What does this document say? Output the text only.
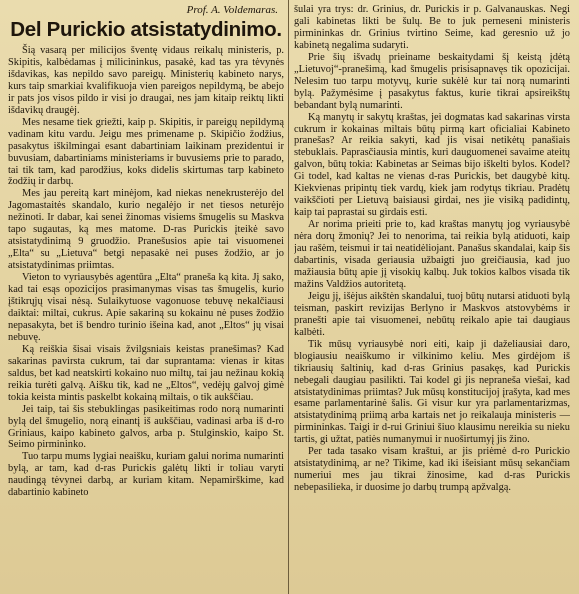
Prof. A. Voldemaras.
Del Purickio atsistatydinimo.

Šią vasarą per milicijos šventę vidaus reikalų ministeris, p. Skipitis, kalbėdamas į milicininkus, pasakė, kad tas yra tėvynės išdavikas, kas nepildo savo pareigų. Ministerių kabineto narys, kurs taip smarkiai kvalifikuoja vien pareigos nepildymą, be abejo ir pats jos visos pildo ir visi jo draugai, nes jam kitaip reiktų likti išdavikų draugėj.

Mes nesame tiek griežti, kaip p. Skipitis, ir pareigų nepildymą vadinam kitu vardu. Jeigu mes primename p. Skipičio žodžius, pasakytus iškilmingai esant dabartiniam laikinam prezidentui ir buvusiam, dabartiniams ministeriams ir buvusiems prie to parado, tai tik tam, kad parodžius, koks didelis skirtumas tarp kabineto žodžių ir darbų.

Mes jau pereitą kart minėjom, kad niekas nenekrusterėjo del Jagomastaitės skandalo, kurio negalėjo ir net tiesos neturėjo nežinoti. Ir dabar, kai senei žinomas visiems šmugelis su Maskva tapo sugautas, ką mes matome. D-ras Purickis įteikė savo atsistatydinimą 9 gruodžio. Pranešusios apie tai visuomenei „Elta“ su „Lietuva“ betgi nepasakė nei puses žodžio, ar jo atsistatydinimas priimtas.

Vieton to vyriausybės agentūra „Elta“ praneša ką kita. Jį sako, kad tai esąs opozicijos prasimanymas visas tas šmugelis, kurio įštikrųjų visai nėsą. Sulaikytuose vagonuose tebuvę nekalčiausi daiktai: miltai, cukrus. Apie sakariną su kokainu nė puses žodžio nepasakyta, bet iš bendro turinio išeina kad, anot „Eltos“ jų visai nebuvę.

Ką reiškia šisai visais žvilgsniais keistas pranešimas? Kad sakarinas pavirsta cukrum, tai dar suprantama: vienas ir kitas saldus, bet kad neatskirti kokaino nuo miltų, tai jau nežinau kokią reikia turėti galvą. Aišku tik, kad ne „Eltos“, vedėjų galvoj gimė tokia keista mintis paskelbt kokainą miltais, o tik aukščiau.

Jei taip, tai šis stebuklingas pasikeitimas rodo norą numarinti bylą del šmugelio, norą einantį iš aukščiau, vadinasi arba iš d-ro Griniaus, kaipo kabineto galvos, arba p. Stulginskio, kaipo St. Seimo pirmininko.

Tuo tarpu mums lygiai neaišku, kuriam galui norima numarinti bylą, ar tam, kad d-ras Purickis galėtų likti ir toliau varyti naudingą tėvynei darbą, ar kuriam kitam. Nepamirškime, kad dabartinio kabineto

šulai yra trys: dr. Grinius, dr. Purickis ir p. Galvanauskas. Negi gali kabinetas likti be šulų. Be to juk perneseni ministeris pirmininkas dr. Grinius tvirtino Seime, kad geresnio už jo kabinetą negalima sudaryti.

Prie šių išvadų prieiname beskaitydami šį keistą įdėtą „Lietuvoj“-pranešimą, kad šmugelis prisisapnavęs tik opozicijai. Nelesim tuo tarpu motyvų, kurie sukėlė kur tai norą numarinti bylą. Pažymėsime į pasakytus faktus, kurie tikrai apsireikštų bebandant bylą numarinti.

Ką manytų ir sakytų kraštas, jei dogmatas kad sakarinas virsta cukrum ir kokainas miltais būtų pirmą kart oficialiai Kabineto pranešas? Ar reikia sakyti, kad jis visai netikėtų panašiais stebuklais. Paprasčiausia mintis, kuri dauguomenei savaime ateitų galvon, būtų tokia: Kabinetas ar Seimas bijo iškelti bylos. Kodel? Gi todel, kad kaltas ne vienas d-ras Purickis, bet daugybė kitų. Kiekvienas pripintų tiek vardų, kiek jam rodytųs tikriau. Pradėtų vaikščioti per Lietuvą baisiausi girdai, nes jie visiką padidintų, kaip tai paprastai su girdais esti.

Ar norima prieiti prie to, kad kraštas manytų jog vyriausybė nėra dorų žmonių? Jei to nenorima, tai reikia bylą atiduoti, kaip jau rašėm, teismui ir tai neatidėliojant. Panašus skandalai, kaip šis dabartinis, visada geriausia užbaigti juo greičiausia, kad juo mažiausia būtų apie jį visokių kalbų. Juk tokios kalbos visada tik mažins Valdžios autoritetą.

Jeigu jį, išėjus aikštėn skandalui, tuoj būtų nutarsi atiduoti bylą teisman, paskirt revizijas Berlyno ir Maskvos atstovybėms ir pranešti apie tai visuomenei, nebūtų reikalo apie tai daugiaus kalbėti.

Tik mūsų vyriausybė nori eiti, kaip ji daželiausiai daro, blogiausiu neaiškumo ir vilkinimo keliu. Mes girdėjom iš tikriausių šaltinių, kad d-ras Grinius pasakęs, kad Purickis nebegali daugiau pasilikti. Tai kodel gi jis nepraneša viešai, kad atsistatydinimas priimtas? Juk mūsų konstitucijoj įrašyta, kad mes esame parlamentarinė šalis. Gi visur kur yra parlamentarizmas, atsistatydinimą priimą arba kartais net jo reikalauja ministeris — pirmininkas. Taigi ir d-rui Griniui šiuo klausimu nereikia su nieku tartis, gi užtat, patiės numanymui ir nuoširtumyį jis žino.

Per tada tasako visam kraštui, ar jis priėmė d-ro Purickio atsistatydinimą, ar ne? Tikime, kad iki išeisiant mūsų sekančiam numeriui mes jau tikrai žinosime, kad d-ras Purickis nebepasilieka, ir duosime jo darbų trumpą apžvalgą.
